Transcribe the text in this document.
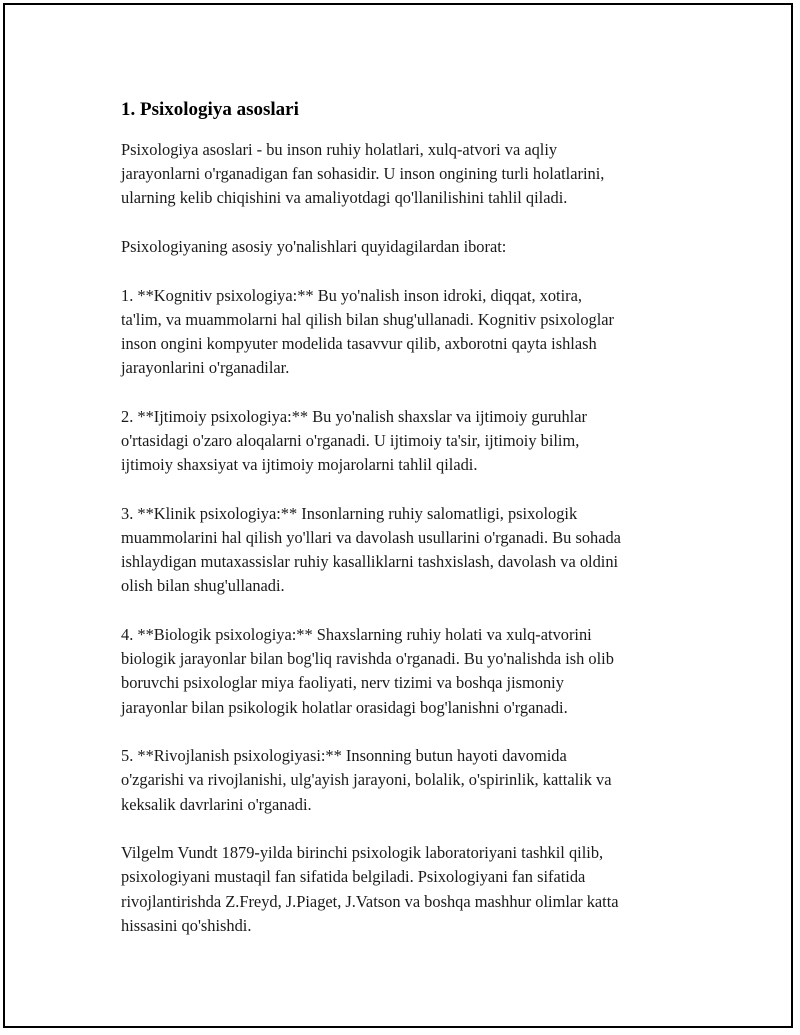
1. Psixologiya asoslari

Psixologiya asoslari - bu inson ruhiy holatlari, xulq-atvori va aqliy
jarayonlarni o'rganadigan fan sohasidir. U inson ongining turli holatlarini,
ularning kelib chiqishini va amaliyotdagi qo'llanilishini tahlil qiladi.

Psixologiyaning asosiy yo'nalishlari quyidagilardan iborat:

1. **Kognitiv psixologiya:** Bu yo'nalish inson idroki, diqqat, xotira,
ta'lim, va muammolarni hal qilish bilan shug'ullanadi. Kognitiv psixologlar
inson ongini kompyuter modelida tasavvur qilib, axborotni qayta ishlash
jarayonlarini o'rganadilar.

2. **Ijtimoiy psixologiya:** Bu yo'nalish shaxslar va ijtimoiy guruhlar
o'rtasidagi o'zaro aloqalarni o'rganadi. U ijtimoiy ta'sir, ijtimoiy bilim,
ijtimoiy shaxsiyat va ijtimoiy mojarolarni tahlil qiladi.

3. **Klinik psixologiya:** Insonlarning ruhiy salomatligi, psixologik
muammolarini hal qilish yo'llari va davolash usullarini o'rganadi. Bu sohada
ishlaydigan mutaxassislar ruhiy kasalliklarni tashxislash, davolash va oldini
olish bilan shug'ullanadi.

4. **Biologik psixologiya:** Shaxslarning ruhiy holati va xulq-atvorini
biologik jarayonlar bilan bog'liq ravishda o'rganadi. Bu yo'nalishda ish olib
boruvchi psixologlar miya faoliyati, nerv tizimi va boshqa jismoniy
jarayonlar bilan psikologik holatlar orasidagi bog'lanishni o'rganadi.

5. **Rivojlanish psixologiyasi:** Insonning butun hayoti davomida
o'zgarishi va rivojlanishi, ulg'ayish jarayoni, bolalik, o'spirinlik, kattalik va
keksalik davrlarini o'rganadi.

Vilgelm Vundt 1879-yilda birinchi psixologik laboratoriyani tashkil qilib,
psixologiyani mustaqil fan sifatida belgiladi. Psixologiyani fan sifatida
rivojlantirishda Z.Freyd, J.Piaget, J.Vatson va boshqa mashhur olimlar katta
hissasini qo'shishdi.
